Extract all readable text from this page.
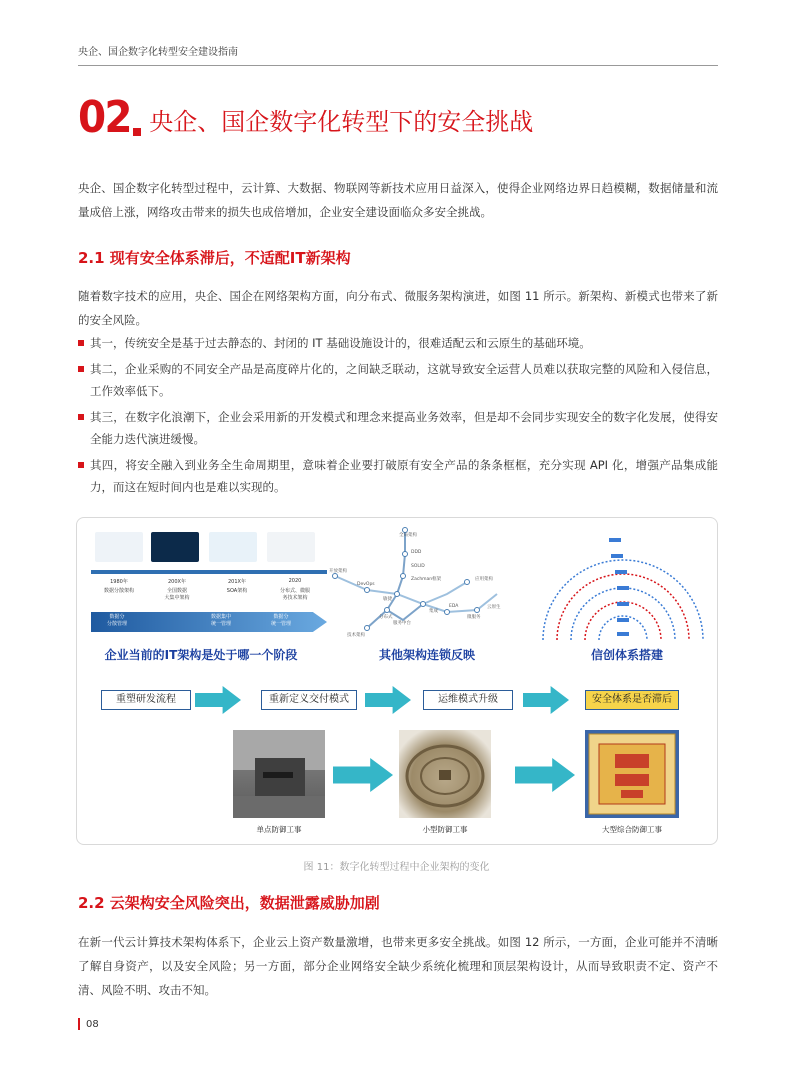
央企、国企数字化转型安全建设指南
02 央企、国企数字化转型下的安全挑战

央企、国企数字化转型过程中，云计算、大数据、物联网等新技术应用日益深入，使得企业网络边界日趋模糊，数据储量和流量成倍上涨，网络攻击带来的损失也成倍增加，企业安全建设面临众多安全挑战。

2.1 现有安全体系滞后，不适配IT新架构

随着数字技术的应用，央企、国企在网络架构方面，向分布式、微服务架构演进，如图 11 所示。新架构、新模式也带来了新的安全风险。

其一，传统安全是基于过去静态的、封闭的 IT 基础设施设计的，很难适配云和云原生的基础环境。
其二，企业采购的不同安全产品是高度碎片化的，之间缺乏联动，这就导致安全运营人员难以获取完整的风险和入侵信息，工作效率低下。
其三，在数字化浪潮下，企业会采用新的开发模式和理念来提高业务效率，但是却不会同步实现安全的数字化发展，使得安全能力迭代演进缓慢。
其四，将安全融入到业务全生命周期里，意味着企业要打破原有安全产品的条条框框，充分实现 API 化，增强产品集成能力，而这在短时间内也是难以实现的。
1980年	200X年	201X年	2020
数据分散架构	全国数据
大集中架构
SOA架构	分布式、微服
务技术架构
数据分
分散管理
数据集中
统一管理
数据分
统一管理
全局架构
DDD
SOLID
Zachman框架
开放架构
DevOps
敏捷
服务中台
分布式
技术架构
应用架构
集成
EDA
微服务
云原生
企业当前的IT架构是处于哪一个阶段	其他架构连锁反映	信创体系搭建
重塑研发流程	重新定义交付模式	运维模式升级	安全体系是否滞后
单点防御工事	小型防御工事	大型综合防御工事
图 11：数字化转型过程中企业架构的变化
2.2 云架构安全风险突出，数据泄露威胁加剧

在新一代云计算技术架构体系下，企业云上资产数量激增，也带来更多安全挑战。如图 12 所示，一方面，企业可能并不清晰了解自身资产，以及安全风险；另一方面，部分企业网络安全缺少系统化梳理和顶层架构设计，从而导致职责不定、资产不清、风险不明、攻击不知。

08
